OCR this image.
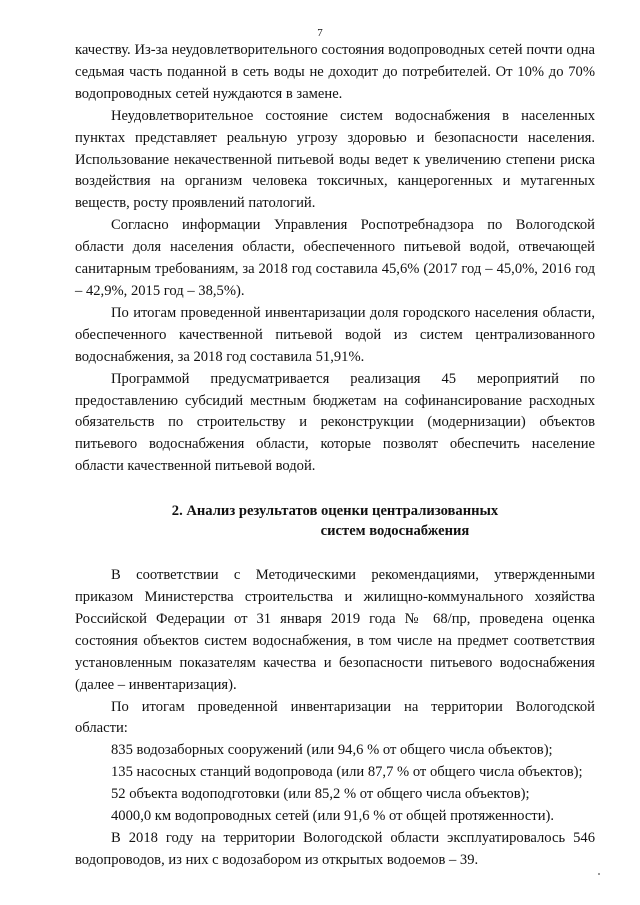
7

качеству. Из-за неудовлетворительного состояния водопроводных сетей почти одна седьмая часть поданной в сеть воды не доходит до потребителей. От 10% до 70% водопроводных сетей нуждаются в замене.

Неудовлетворительное состояние систем водоснабжения в населенных пунктах представляет реальную угрозу здоровью и безопасности населения. Использование некачественной питьевой воды ведет к увеличению степени риска воздействия на организм человека токсичных, канцерогенных и мутагенных веществ, росту проявлений патологий.

Согласно информации Управления Роспотребнадзора по Вологодской области доля населения области, обеспеченного питьевой водой, отвечающей санитарным требованиям, за 2018 год составила 45,6% (2017 год – 45,0%, 2016 год – 42,9%, 2015 год – 38,5%).

По итогам проведенной инвентаризации доля городского населения области, обеспеченного качественной питьевой водой из систем централизованного водоснабжения, за 2018 год составила 51,91%.

Программой предусматривается реализация 45 мероприятий по предоставлению субсидий местным бюджетам на софинансирование расходных обязательств по строительству и реконструкции (модернизации) объектов питьевого водоснабжения области, которые позволят обеспечить население области качественной питьевой водой.

2. Анализ результатов оценки централизованных
систем водоснабжения

В соответствии с Методическими рекомендациями, утвержденными приказом Министерства строительства и жилищно-коммунального хозяйства Российской Федерации от 31 января 2019 года № 68/пр, проведена оценка состояния объектов систем водоснабжения, в том числе на предмет соответствия установленным показателям качества и безопасности питьевого водоснабжения (далее – инвентаризация).

По итогам проведенной инвентаризации на территории Вологодской области:

835 водозаборных сооружений (или 94,6 % от общего числа объектов);

135 насосных станций водопровода (или 87,7 % от общего числа объектов);

52 объекта водоподготовки (или 85,2 % от общего числа объектов);

4000,0 км водопроводных сетей (или 91,6 % от общей протяженности).

В 2018 году на территории Вологодской области эксплуатировалось 546 водопроводов, из них с водозабором из открытых водоемов – 39.
